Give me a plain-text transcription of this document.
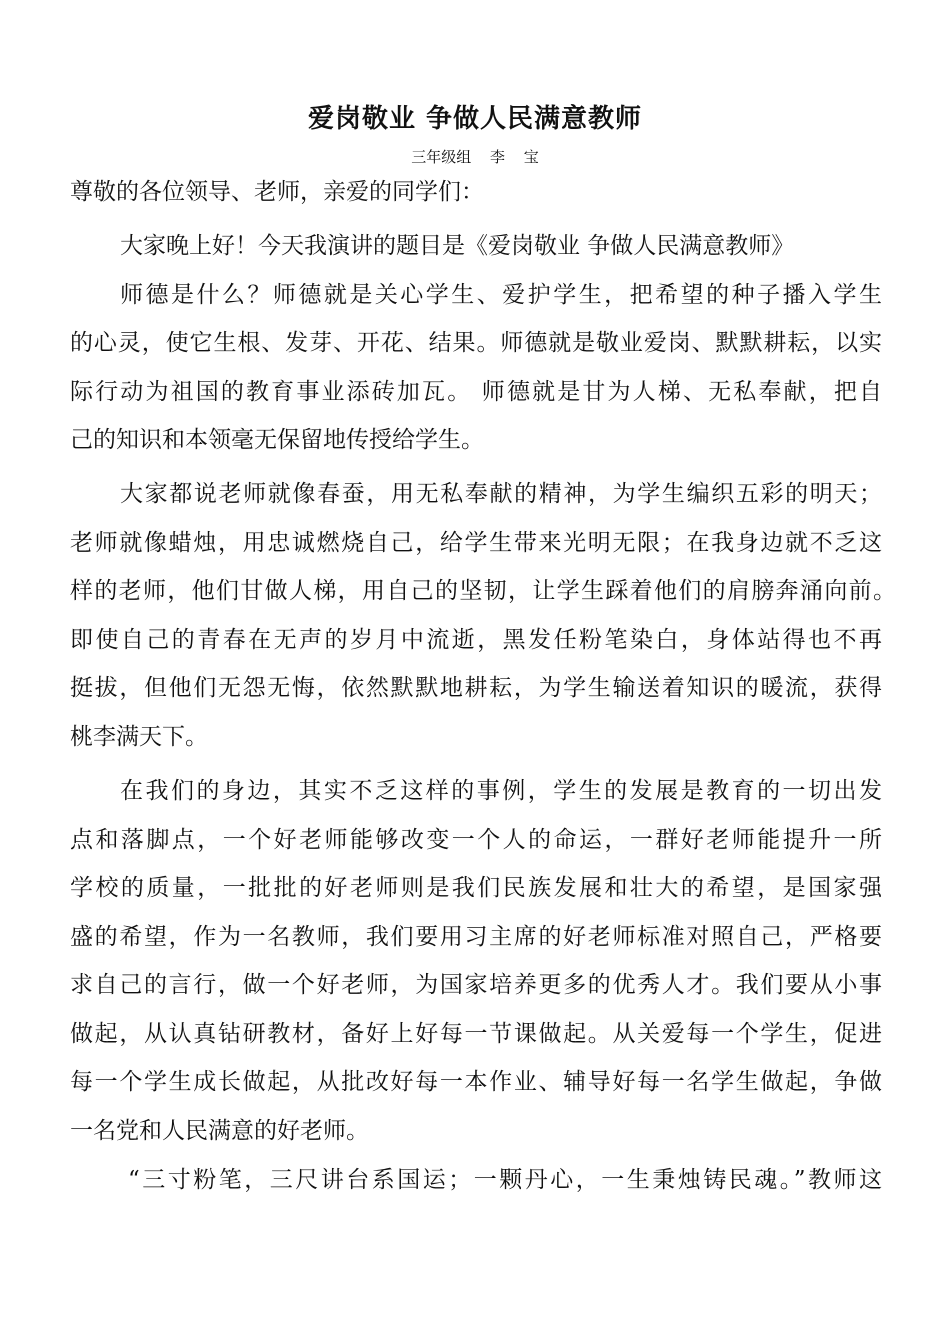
爱岗敬业 争做人民满意教师
三年级组 李 宝
尊敬的各位领导、老师，亲爱的同学们：
大家晚上好！今天我演讲的题目是《爱岗敬业 争做人民满意教师》
师德是什么？师德就是关心学生、爱护学生，把希望的种子播入学生
的心灵，使它生根、发芽、开花、结果。师德就是敬业爱岗、默默耕耘，以实
际行动为祖国的教育事业添砖加瓦。 师德就是甘为人梯、无私奉献，把自
己的知识和本领毫无保留地传授给学生。
大家都说老师就像春蚕，用无私奉献的精神，为学生编织五彩的明天；
老师就像蜡烛，用忠诚燃烧自己，给学生带来光明无限；在我身边就不乏这
样的老师，他们甘做人梯，用自己的坚韧，让学生踩着他们的肩膀奔涌向前。
即使自己的青春在无声的岁月中流逝，黑发任粉笔染白，身体站得也不再
挺拔，但他们无怨无悔，依然默默地耕耘，为学生输送着知识的暖流，获得
桃李满天下。
在我们的身边，其实不乏这样的事例，学生的发展是教育的一切出发
点和落脚点，一个好老师能够改变一个人的命运，一群好老师能提升一所
学校的质量，一批批的好老师则是我们民族发展和壮大的希望，是国家强
盛的希望，作为一名教师，我们要用习主席的好老师标准对照自己，严格要
求自己的言行，做一个好老师，为国家培养更多的优秀人才。我们要从小事
做起，从认真钻研教材，备好上好每一节课做起。从关爱每一个学生，促进
每一个学生成长做起，从批改好每一本作业、辅导好每一名学生做起，争做
一名党和人民满意的好老师。
“三寸粉笔，三尺讲台系国运；一颗丹心，一生秉烛铸民魂。”教师这
